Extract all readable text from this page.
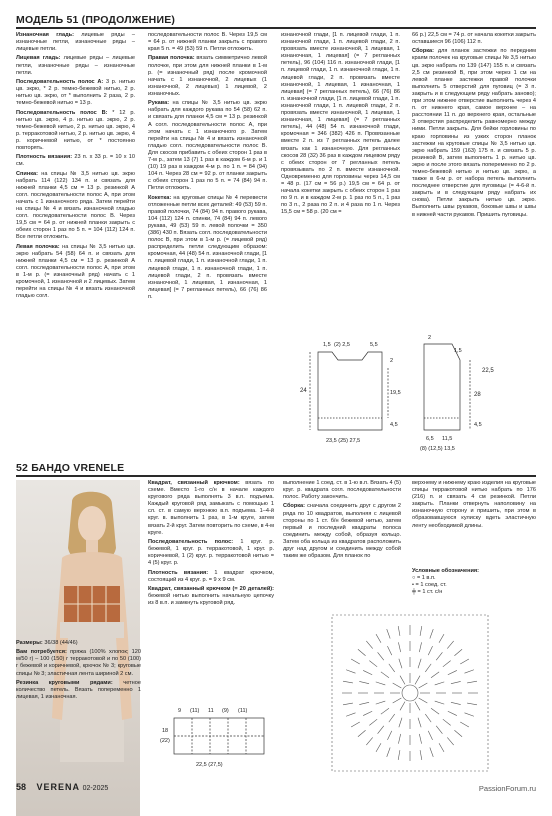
МОДЕЛЬ 51 (ПРОДОЛЖЕНИЕ)

Изнаночная гладь: лицевые ряды – изнаночные петли, изнаночные ряды – лицевые петли.

Лицевая гладь: лицевые ряды – лицевые петли, изнаночные ряды – изнаночные петли.

Последовательность полос А: 3 р. нитью цв. экрю, * 2 р. темно-бежевой нитью, 2 р. нитью цв. экрю, от * выполнить 2 раза, 2 р. темно-бежевой нитью = 13 р.

Последовательность полос В: * 12 р. нитью цв. экрю, 4 р. нитью цв. экрю, 2 р. темно-бежевой нитью, 2 р. нитью цв. экрю, 4 р. терракотовой нитью, 2 р. нитью цв. экрю, 4 р. коричневой нитью, от * постоянно повторять.

Плотность вязания: 23 п. x 33 р. = 10 x 10 см.

Спинка: на спицы № 3,5 нитью цв. экрю набрать 114 (122) 134 п. и связать для нижней планки 4,5 см = 13 р. резинкой А согл. последовательности полос А, при этом начать с 1 изнаночного ряда. Затем перейти на спицы № 4 и вязать изнаночной гладью согл. последовательности полос В. Через 19,5 см = 64 р. от нижней планки закрыть с обеих сторон 1 раз по 5 п. = 104 (112) 124 п. Все петли отложить.

Левая полочка: на спицы № 3,5 нитью цв. экрю набрать 54 (58) 64 п. и связать для нижней планки 4,5 см = 13 р. резинкой А согл. последовательности полос А, при этом в 1-м р. (= изнаночный ряд) начать с 1 кромочной, 1 изнаночной и 2 лицевых. Затем перейти на спицы № 4 и вязать изнаночной гладью согл.

последовательности полос В. Через 19,5 см = 64 р. от нижней планки закрыть с правого края 5 п. = 49 (53) 59 п. Петли отложить.

Правая полочка: вязать симметрично левой полочке, при этом для нижней планки в 1-м р. (= изнаночный ряд) после кромочной начать с 1 изнаночной, 2 лицевых (1 изнаночной, 2 лицевых) 1 лицевой, 2 изнаночных.

Рукава: на спицы № 3,5 нитью цв. экрю набрать для каждого рукава по 54 (58) 62 п. и связать для планки 4,5 см = 13 р. резинкой А согл. последовательности полос А, при этом начать с 1 изнаночного р. Затем перейти на спицы № 4 и вязать изнаночной гладью согл. последовательности полос В. Для скосов прибавить с обеих сторон 1 раз в 7-м р., затем 13 (7) 1 раз в каждом 6-м р. и 1 (10) 19 раз в каждом 4-м р. по 1 п. = 84 (94) 104 п. Через 28 см = 92 р. от планки закрыть с обеих сторон 1 раз по 5 п. = 74 (84) 94 п. Петли отложить.

Кокетка: на круговые спицы № 4 перевести отложенные петли всех деталей: 49 (53) 59 п. правой полочки, 74 (84) 94 п. правого рукава, 104 (112) 124 п. спинки, 74 (84) 94 п. левого рукава, 49 (53) 59 п. левой полочки = 350 (386) 430 п. Вязать согл. последовательности полос В, при этом в 1-м р. (= лицевой ряд) распределить петли следующим образом: кромочная, 44 (48) 54 п. изнаночной глади, [1 п. лицевой глади, 1 п. изнаночной глади, 1 п. лицевой глади, 1 п. изнаночной глади, 1 п. лицевой глади, 2 п. провязать вместе изнаночной, 1 лицевая, 1 изнаночная, 1 лицевая] (= 7 регланных петель), 66 (76) 86 п.

изнаночной глади, [1 п. лицевой глади, 1 п. изнаночной глади, 1 п. лицевой глади, 2 п. провязать вместе изнаночной, 1 лицевая, 1 изнаночная, 1 лицевая] (= 7 регланных петель), 96 (104) 116 п. изнаночной глади, [1 п. лицевой глади, 1 п. изнаночной глади, 1 п. лицевой глади, 2 п. провязать вместе изнаночной, 1 лицевая, 1 изнаночная, 1 лицевая] (= 7 регланных петель), 66 (76) 86 п. изнаночной глади, [1 п. лицевой глади, 1 п. изнаночной глади, 1 п. лицевой глади, 2 п. провязать вместе изнаночной, 1 лицевая, 1 изнаночная, 1 лицевая] (= 7 регланных петель), 44 (48) 54 п. изнаночной глади, кромочная = 346 (382) 426 п. Провязанные вместе 2 п. из 7 регланных петель далее вязать как 1 изнаночную. Для регланных скосов 28 (32) 36 раз в каждом лицевом ряду с обеих сторон от 7 регланных петель провязывать по 2 п. вместе изнаночной. Одновременно для горловины через 14,5 см = 48 р. (17 см = 56 р.) 19,5 см = 64 р. от начала кокетки закрыть с обеих сторон 1 раз по 9 п. и в каждом 2-м р. 1 раз по 5 п., 1 раз по 3 п., 2 раза по 2 п. и 4 раза по 1 п. Через 15,5 см = 58 р. (20 см =

66 р.) 22,5 см = 74 р. от начала кокетки закрыть оставшиеся 96 (106) 112 п.

Сборка: для планок застежки по передним краям полочек на круговые спицы № 3,5 нитью цв. экрю набрать по 139 (147) 155 п. и связать 2,5 см резинкой В, при этом через 1 см на левой планке застежки правой полочки выполнить 5 отверстий для пуговиц (= 3 п. закрыть и в следующем ряду набрать заново); при этом нижнее отверстие выполнить через 4 п. от нижнего края, самое верхнее – на расстоянии 11 п. до верхнего края, остальные 3 отверстия распределить равномерно между ними. Петли закрыть. Для бейки горловины по краю горловины из узких сторон планок застежки на круговые спицы № 3,5 нитью цв. экрю набрать 159 (163) 175 п. и связать 5 р. резинкой В, затем выполнить 1 р. нитью цв. экрю и после этого вязать попеременно по 2 р. темно-бежевой нитью и нитью цв. экрю, а также в 6-м р. от набора петель выполнить последнее отверстие для пуговицы (= 4-6-й п. закрыть и в следующем ряду набрать их снова). Петли закрыть нитью цв. экрю. Выполнить швы рукавов, боковые швы и швы в нижней части рукавов. Пришить пуговицы.

1,5 (2) 2,5	5,5
24
2
19,5
4,5
23,5 (25) 27,5
2
1,5
22,5
28
4,5
6,5 11,5
(8) (12,5) 13,5
52 БАНДО VRENELE

Размеры: 36/38 (44/46)

Вам потребуется: пряжа (100% хлопок; 120 м/50 г) – 100 (150) г терракотовой и по 50 (100) г бежевой и коричневой, крючок № 3; круговые спицы № 3; эластичная лента шириной 2 см.

Резинка круговыми рядами: четное количество петель. Вязать попеременно 1 лицевая, 1 изнаночная.

Квадрат, связанный крючком: вязать по схеме. Вместо 1-го с/н в начале каждого кругового ряда выполнять 3 в.п. подъема. Каждый круговой ряд замыкать с помощью 1 сл. ст. в самую верхнюю в.п. подъема. 1–4-й круг. в. выполнить 1 раз, в 1-м круге, затем вязать 2-й круг. Затем повторить по схеме, в 4-м круге.

Последовательность полос: 1 круг. р. бежевой, 1 круг. р. терракотовой, 1 круг. р. коричневой, 1 (2) круг. р. терракотовой нитью = 4 (5) круг. р.

Плотность вязания: 1 квадрат крючком, состоящий из 4 круг. р. = 9 x 9 см.

Квадрат, связанный крючком (= 20 деталей): бежевой нитью выполнить начальную цепочку из 8 в.п. и замкнуть круговой ряд.

выполнение 1 соед. ст. в 1-ю в.п. Вязать 4 (5) круг. р. квадрата согл. последовательности полос. Работу закончить.

Сборка: сначала соединить друг с другом 2 ряда по 10 квадратов, выполняя с лицевой стороны по 1 ст. б/н бежевой нитью, затем первый и последний квадраты полоса соединить между собой, образуя кольцо. Затем оба кольца из квадратов расположить друг над другом и соединить между собой таким же образом. Для планок по

верхнему и нижнему краю изделия на круговые спицы терракотовой нитью набрать по 176 (216) п. и связать 4 см резинкой. Петли закрыть. Планки отвернуть наполовину на изнаночную сторону и пришить, при этом в образовавшуюся кулиску вдеть эластичную ленту необходимой длины.

Условные обозначения:
○ = 1 в.п.
• = 1 соед. ст.
╪ = 1 ст. с/н
9 (11) 11 (9) (11)
18
(22)
22,5 (27,5)
58 VERENA 02-2025	PassionForum.ru
